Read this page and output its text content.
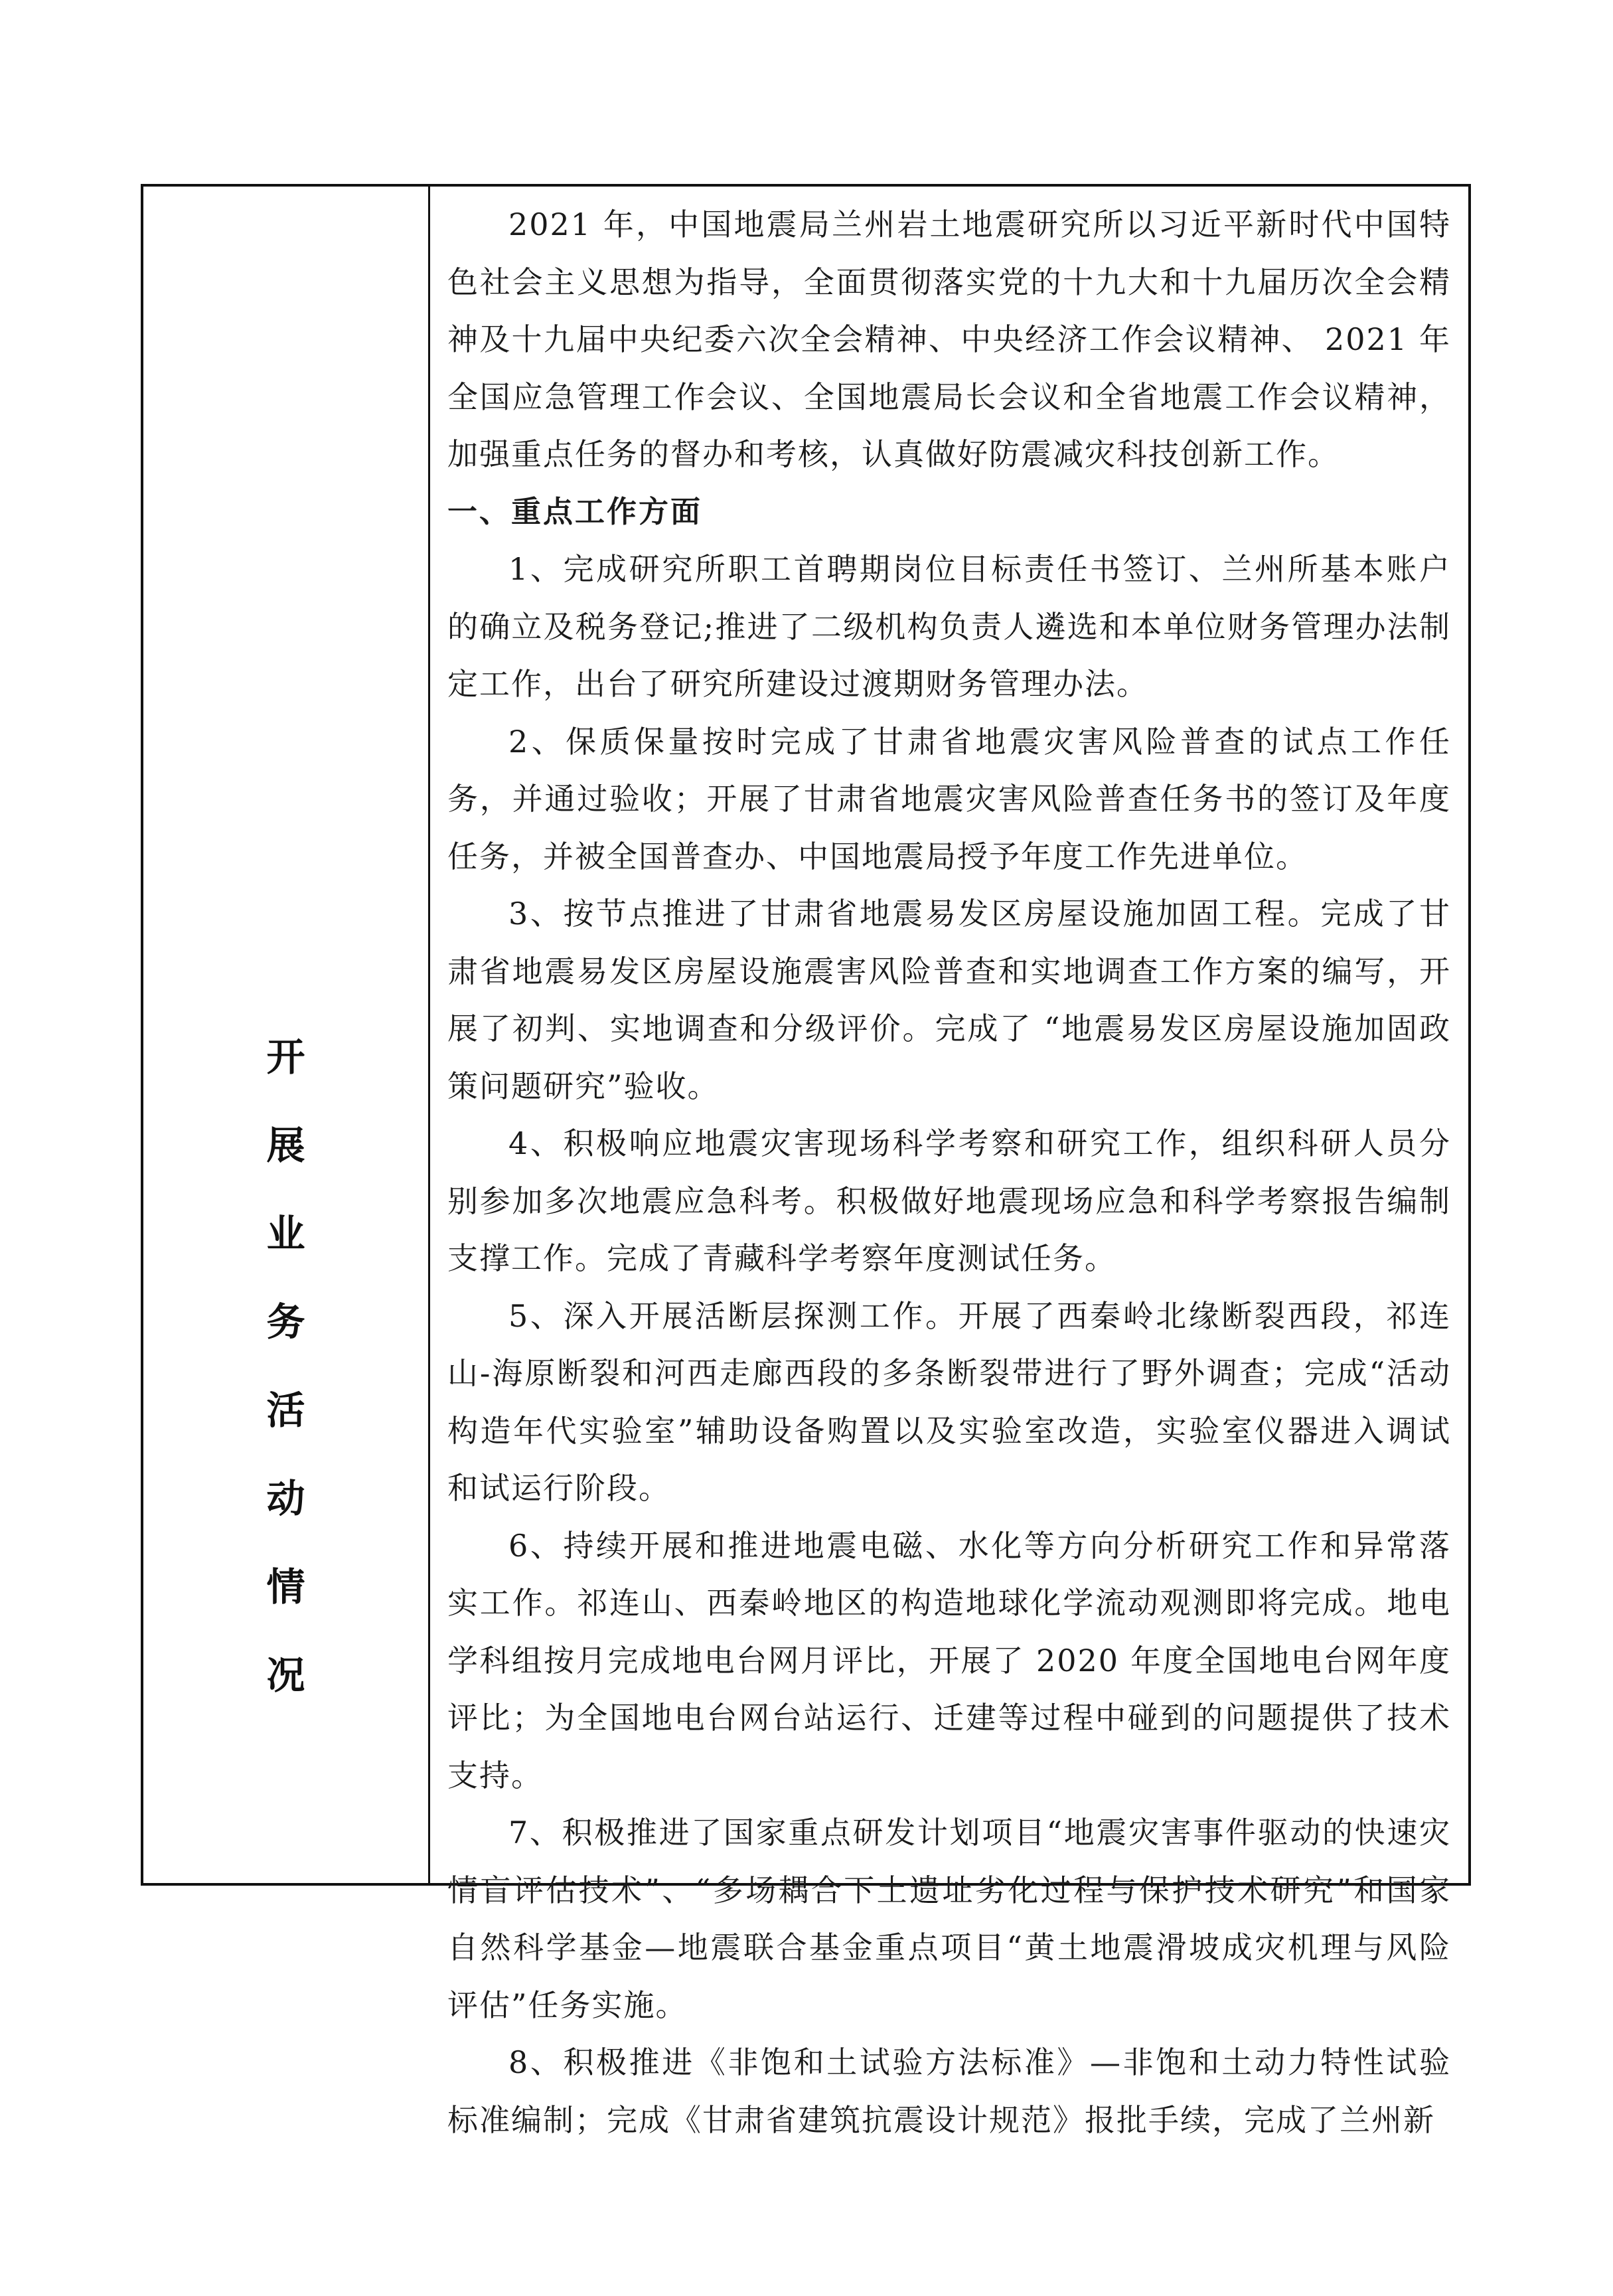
开
展
业
务
活
动
情
况

2021 年，中国地震局兰州岩土地震研究所以习近平新时代中国特色社会主义思想为指导，全面贯彻落实党的十九大和十九届历次全会精神及十九届中央纪委六次全会精神、中央经济工作会议精神、 2021 年全国应急管理工作会议、全国地震局长会议和全省地震工作会议精神，加强重点任务的督办和考核，认真做好防震减灾科技创新工作。

一、重点工作方面

1、完成研究所职工首聘期岗位目标责任书签订、兰州所基本账户的确立及税务登记;推进了二级机构负责人遴选和本单位财务管理办法制定工作，出台了研究所建设过渡期财务管理办法。

2、保质保量按时完成了甘肃省地震灾害风险普查的试点工作任务，并通过验收；开展了甘肃省地震灾害风险普查任务书的签订及年度任务，并被全国普查办、中国地震局授予年度工作先进单位。

3、按节点推进了甘肃省地震易发区房屋设施加固工程。完成了甘肃省地震易发区房屋设施震害风险普查和实地调查工作方案的编写，开展了初判、实地调查和分级评价。完成了 “地震易发区房屋设施加固政策问题研究”验收。

4、积极响应地震灾害现场科学考察和研究工作，组织科研人员分别参加多次地震应急科考。积极做好地震现场应急和科学考察报告编制支撑工作。完成了青藏科学考察年度测试任务。

5、深入开展活断层探测工作。开展了西秦岭北缘断裂西段，祁连山-海原断裂和河西走廊西段的多条断裂带进行了野外调查；完成“活动构造年代实验室”辅助设备购置以及实验室改造，实验室仪器进入调试和试运行阶段。

6、持续开展和推进地震电磁、水化等方向分析研究工作和异常落实工作。祁连山、西秦岭地区的构造地球化学流动观测即将完成。地电学科组按月完成地电台网月评比，开展了 2020 年度全国地电台网年度评比；为全国地电台网台站运行、迁建等过程中碰到的问题提供了技术支持。

7、积极推进了国家重点研发计划项目“地震灾害事件驱动的快速灾情盲评估技术”、“多场耦合下土遗址劣化过程与保护技术研究”和国家自然科学基金—地震联合基金重点项目“黄土地震滑坡成灾机理与风险评估”任务实施。

8、积极推进《非饱和土试验方法标准》—非饱和土动力特性试验标准编制；完成《甘肃省建筑抗震设计规范》报批手续，完成了兰州新
